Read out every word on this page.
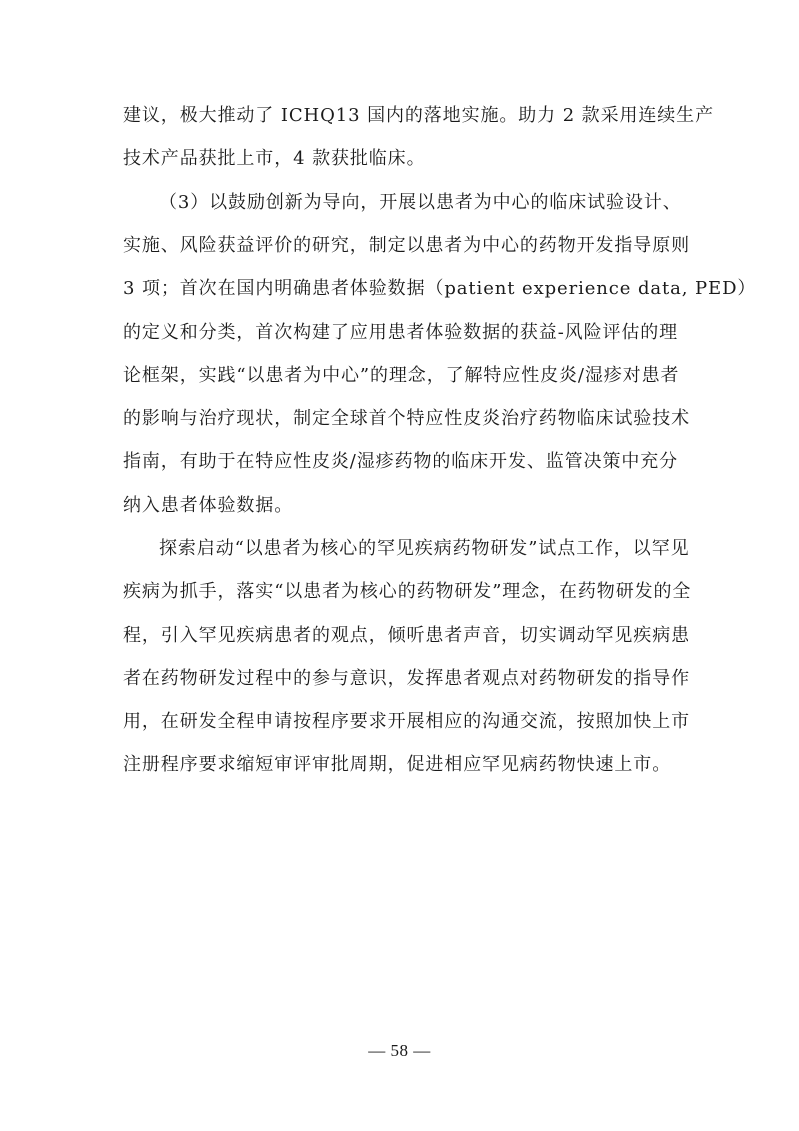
建议，极大推动了 ICHQ13 国内的落地实施。助力 2 款采用连续生产
技术产品获批上市，4 款获批临床。
（3）以鼓励创新为导向，开展以患者为中心的临床试验设计、
实施、风险获益评价的研究，制定以患者为中心的药物开发指导原则
3 项；首次在国内明确患者体验数据（patient experience data, PED）
的定义和分类，首次构建了应用患者体验数据的获益-风险评估的理
论框架，实践“以患者为中心”的理念，了解特应性皮炎/湿疹对患者
的影响与治疗现状，制定全球首个特应性皮炎治疗药物临床试验技术
指南，有助于在特应性皮炎/湿疹药物的临床开发、监管决策中充分
纳入患者体验数据。
探索启动“以患者为核心的罕见疾病药物研发”试点工作，以罕见
疾病为抓手，落实“以患者为核心的药物研发”理念，在药物研发的全
程，引入罕见疾病患者的观点，倾听患者声音，切实调动罕见疾病患
者在药物研发过程中的参与意识，发挥患者观点对药物研发的指导作
用，在研发全程申请按程序要求开展相应的沟通交流，按照加快上市
注册程序要求缩短审评审批周期，促进相应罕见病药物快速上市。
— 58 —
